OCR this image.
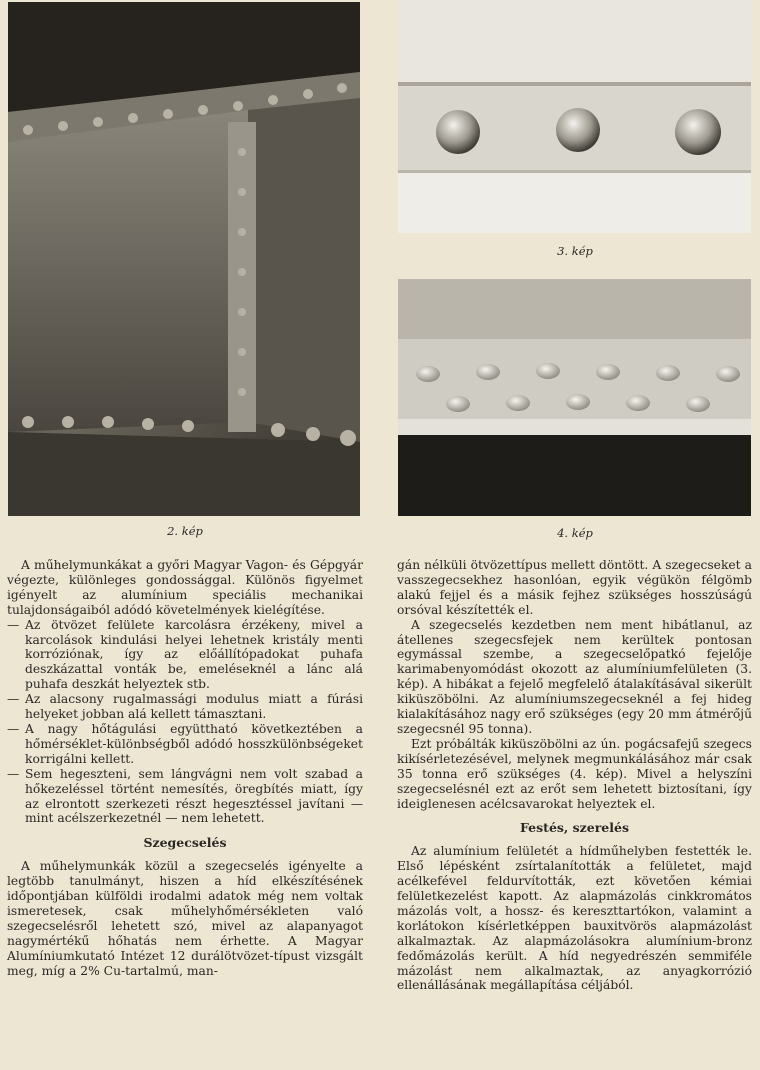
2. kép
3. kép
4. kép

A műhelymunkákat a győri Magyar Vagon- és Gépgyár végezte, különleges gondossággal. Különös figyelmet igényelt az alumínium speciális mechanikai tulajdonságaiból adódó követelmények kielégítése.

— Az ötvözet felülete karcolásra érzékeny, mivel a karcolások kindulási helyei lehetnek kristály menti korróziónak, így az előállítópadokat puhafa deszkázattal vonták be, emeléseknél a lánc alá puhafa deszkát helyeztek stb.
— Az alacsony rugalmassági modulus miatt a fúrási helyeket jobban alá kellett támasztani.
— A nagy hőtágulási együttható következtében a hőmérséklet-különbségből adódó hosszkülönbségeket korrigálni kellett.
— Sem hegeszteni, sem lángvágni nem volt szabad a hőkezeléssel történt nemesítés, öregbítés miatt, így az elrontott szerkezeti részt hegesztéssel javítani — mint acélszerkezetnél — nem lehetett.
Szegecselés

A műhelymunkák közül a szegecselés igényelte a legtöbb tanulmányt, hiszen a híd elkészítésének időpontjában külföldi irodalmi adatok még nem voltak ismeretesek, csak műhelyhőmérsékleten való szegecselésről lehetett szó, mivel az alapanyagot nagymértékű hőhatás nem érhette. A Magyar Alumíniumkutató Intézet 12 durálötvözet-típust vizsgált meg, míg a 2% Cu-tartalmú, man-

gán nélküli ötvözettípus mellett döntött. A szegecseket a vasszegecsekhez hasonlóan, egyik végükön félgömb alakú fejjel és a másik fejhez szükséges hosszúságú orsóval készítették el.

A szegecselés kezdetben nem ment hibátlanul, az átellenes szegecsfejek nem kerültek pontosan egymással szembe, a szegecselőpatkó fejelője karimabenyomódást okozott az alumíniumfelületen (3. kép). A hibákat a fejelő megfelelő átalakításával sikerült kiküszöbölni. Az alumíniumszegecseknél a fej hideg kialakításához nagy erő szükséges (egy 20 mm átmérőjű szegecsnél 95 tonna).

Ezt próbálták kiküszöbölni az ún. pogácsafejű szegecs kikísérletezésével, melynek megmunkálásához már csak 35 tonna erő szükséges (4. kép). Mivel a helyszíni szegecselésnél ezt az erőt sem lehetett biztosítani, így ideiglenesen acélcsavarokat helyeztek el.

Festés, szerelés

Az alumínium felületét a hídműhelyben festették le. Első lépésként zsírtalanították a felületet, majd acélkefével feldurvították, ezt követően kémiai felületkezelést kapott. Az alapmázolás cinkkromátos mázolás volt, a hossz- és kereszttartókon, valamint a korlátokon kísérletképpen bauxitvörös alapmázolást alkalmaztak. Az alapmázolásokra alumínium-bronz fedőmázolás került. A híd negyedrészén semmiféle mázolást nem alkalmaztak, az anyagkorrózió ellenállásának megállapítása céljából.
